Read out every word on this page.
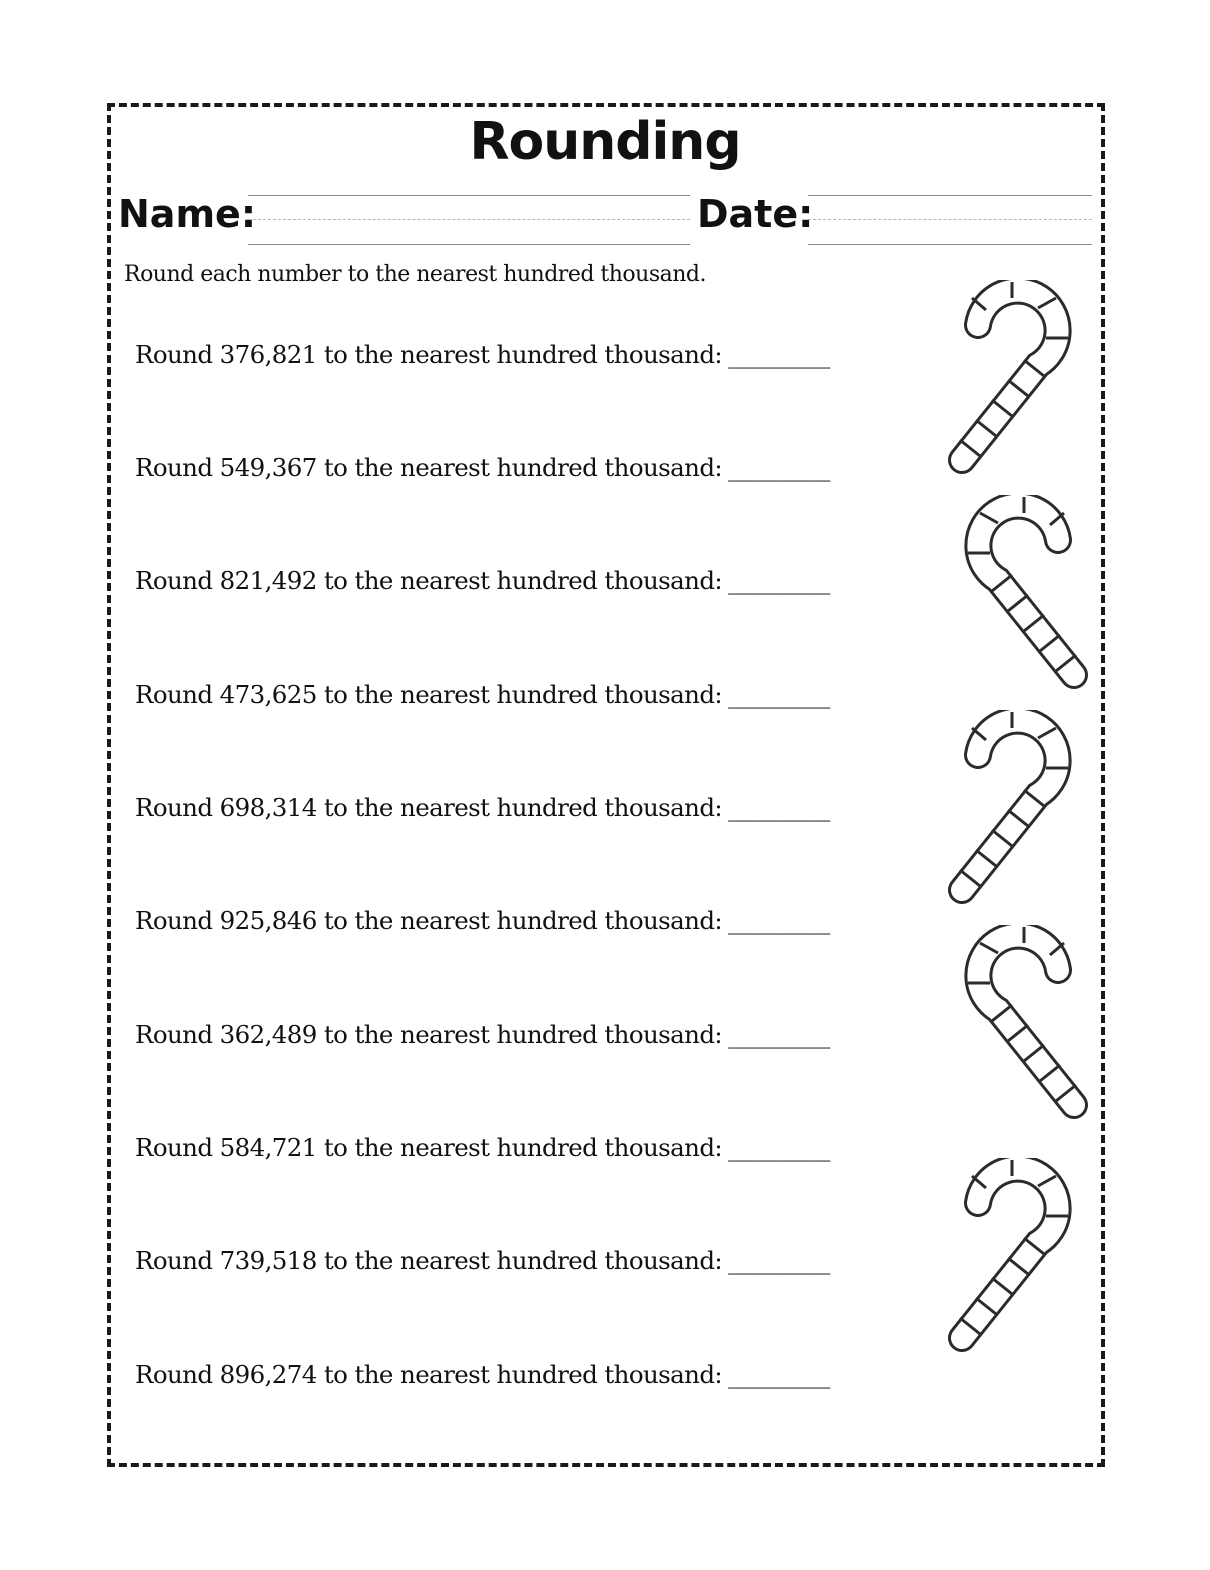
Rounding
Name:	Date:
Round each number to the nearest hundred thousand.
Round 376,821 to the nearest hundred thousand: _________
Round 549,367 to the nearest hundred thousand: _________
Round 821,492 to the nearest hundred thousand: _________
Round 473,625 to the nearest hundred thousand: _________
Round 698,314 to the nearest hundred thousand: _________
Round 925,846 to the nearest hundred thousand: _________
Round 362,489 to the nearest hundred thousand: _________
Round 584,721 to the nearest hundred thousand: _________
Round 739,518 to the nearest hundred thousand: _________
Round 896,274 to the nearest hundred thousand: _________
